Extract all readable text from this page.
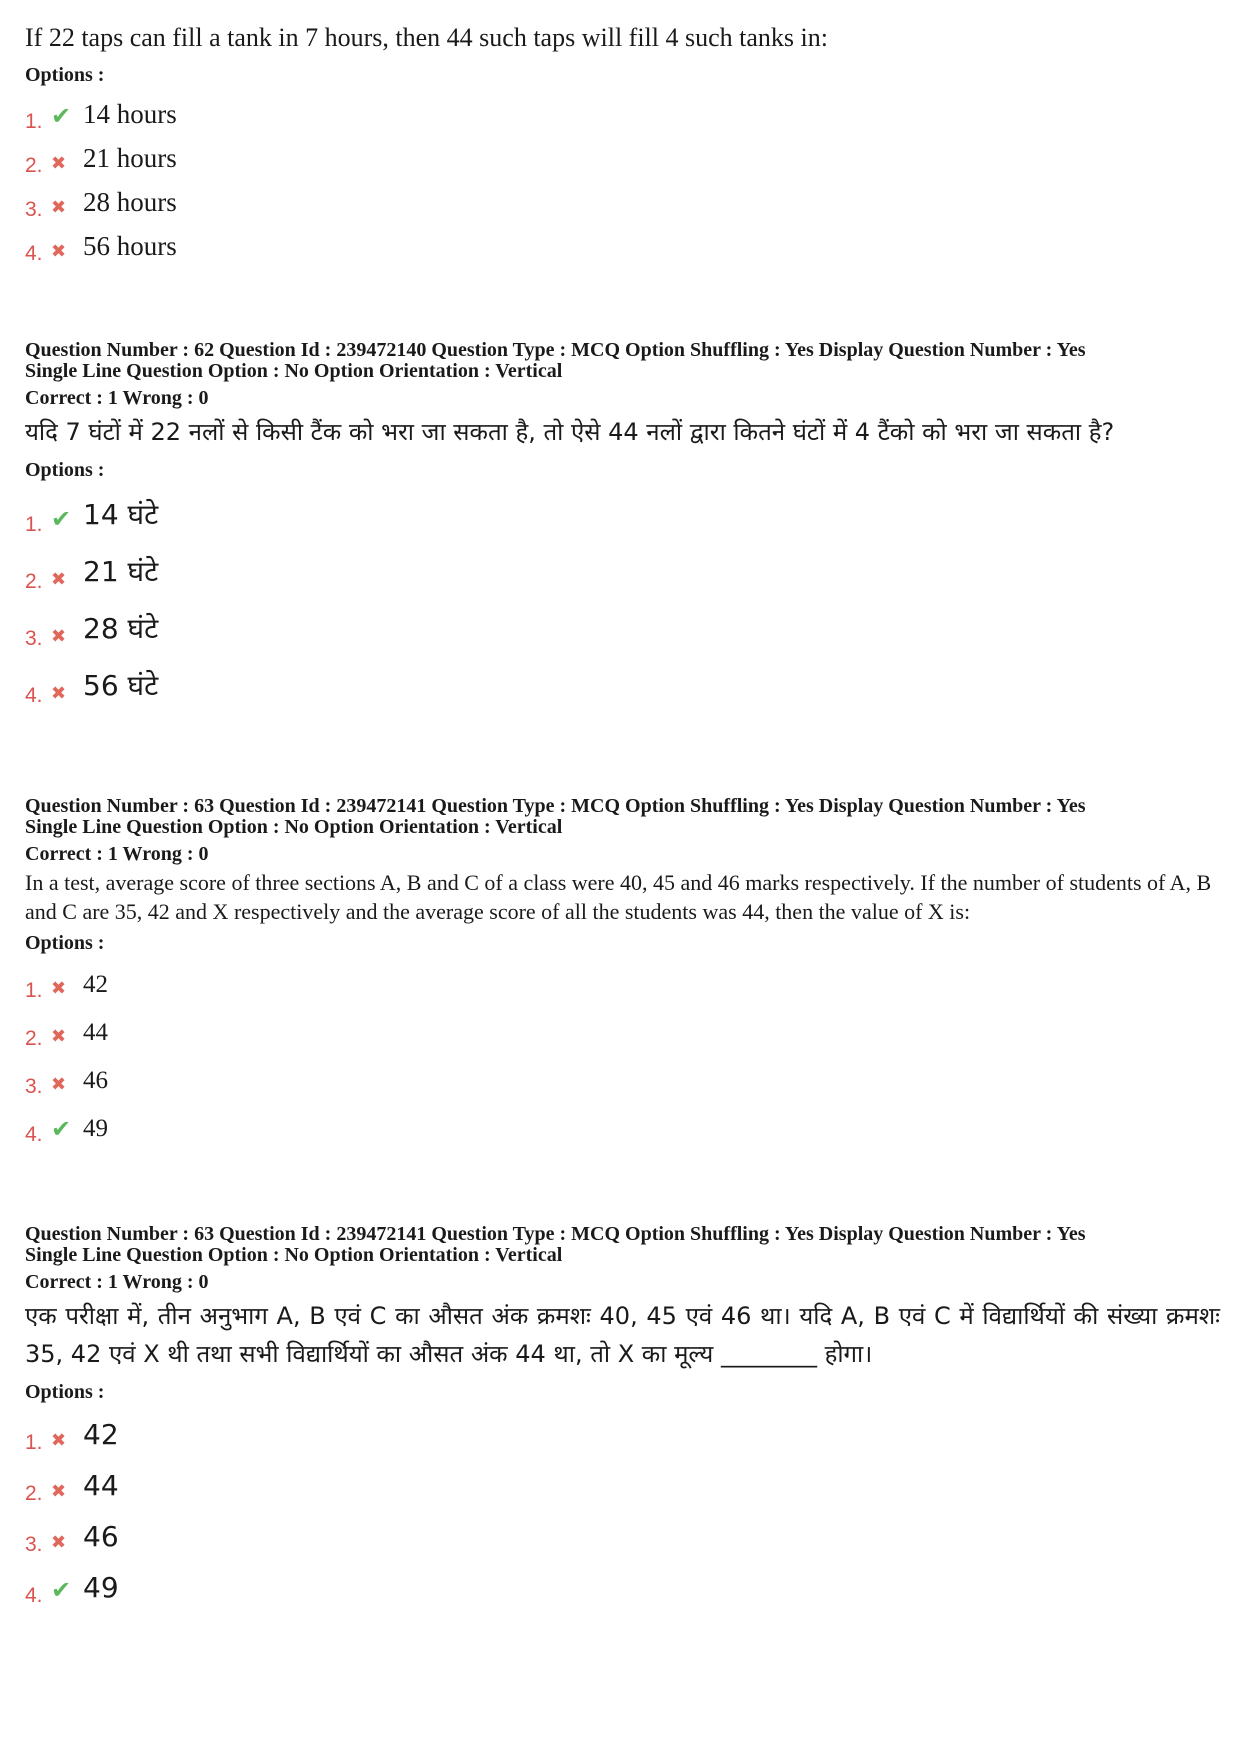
If 22 taps can fill a tank in 7 hours, then 44 such taps will fill 4 such tanks in:

Options :

1. ✔ 14 hours
2. ✖ 21 hours
3. ✖ 28 hours
4. ✖ 56 hours

Question Number : 62 Question Id : 239472140 Question Type : MCQ Option Shuffling : Yes Display Question Number : Yes

Single Line Question Option : No Option Orientation : Vertical

Correct : 1 Wrong : 0

यदि 7 घंटों में 22 नलों से किसी टैंक को भरा जा सकता है, तो ऐसे 44 नलों द्वारा कितने घंटों में 4 टैंको को भरा जा सकता है?

Options :

1. ✔ 14 घंटे
2. ✖ 21 घंटे
3. ✖ 28 घंटे
4. ✖ 56 घंटे

Question Number : 63 Question Id : 239472141 Question Type : MCQ Option Shuffling : Yes Display Question Number : Yes

Single Line Question Option : No Option Orientation : Vertical

Correct : 1 Wrong : 0

In a test, average score of three sections A, B and C of a class were 40, 45 and 46 marks respectively. If the number of students of A, B and C are 35, 42 and X respectively and the average score of all the students was 44, then the value of X is:

Options :

1. ✖ 42
2. ✖ 44
3. ✖ 46
4. ✔ 49

Question Number : 63 Question Id : 239472141 Question Type : MCQ Option Shuffling : Yes Display Question Number : Yes

Single Line Question Option : No Option Orientation : Vertical

Correct : 1 Wrong : 0

एक परीक्षा में, तीन अनुभाग A, B एवं C का औसत अंक क्रमशः 40, 45 एवं 46 था। यदि A, B एवं C में विद्यार्थियों की संख्या क्रमशः 35, 42 एवं X थी तथा सभी विद्यार्थियों का औसत अंक 44 था, तो X का मूल्य ________ होगा।

Options :

1. ✖ 42
2. ✖ 44
3. ✖ 46
4. ✔ 49
